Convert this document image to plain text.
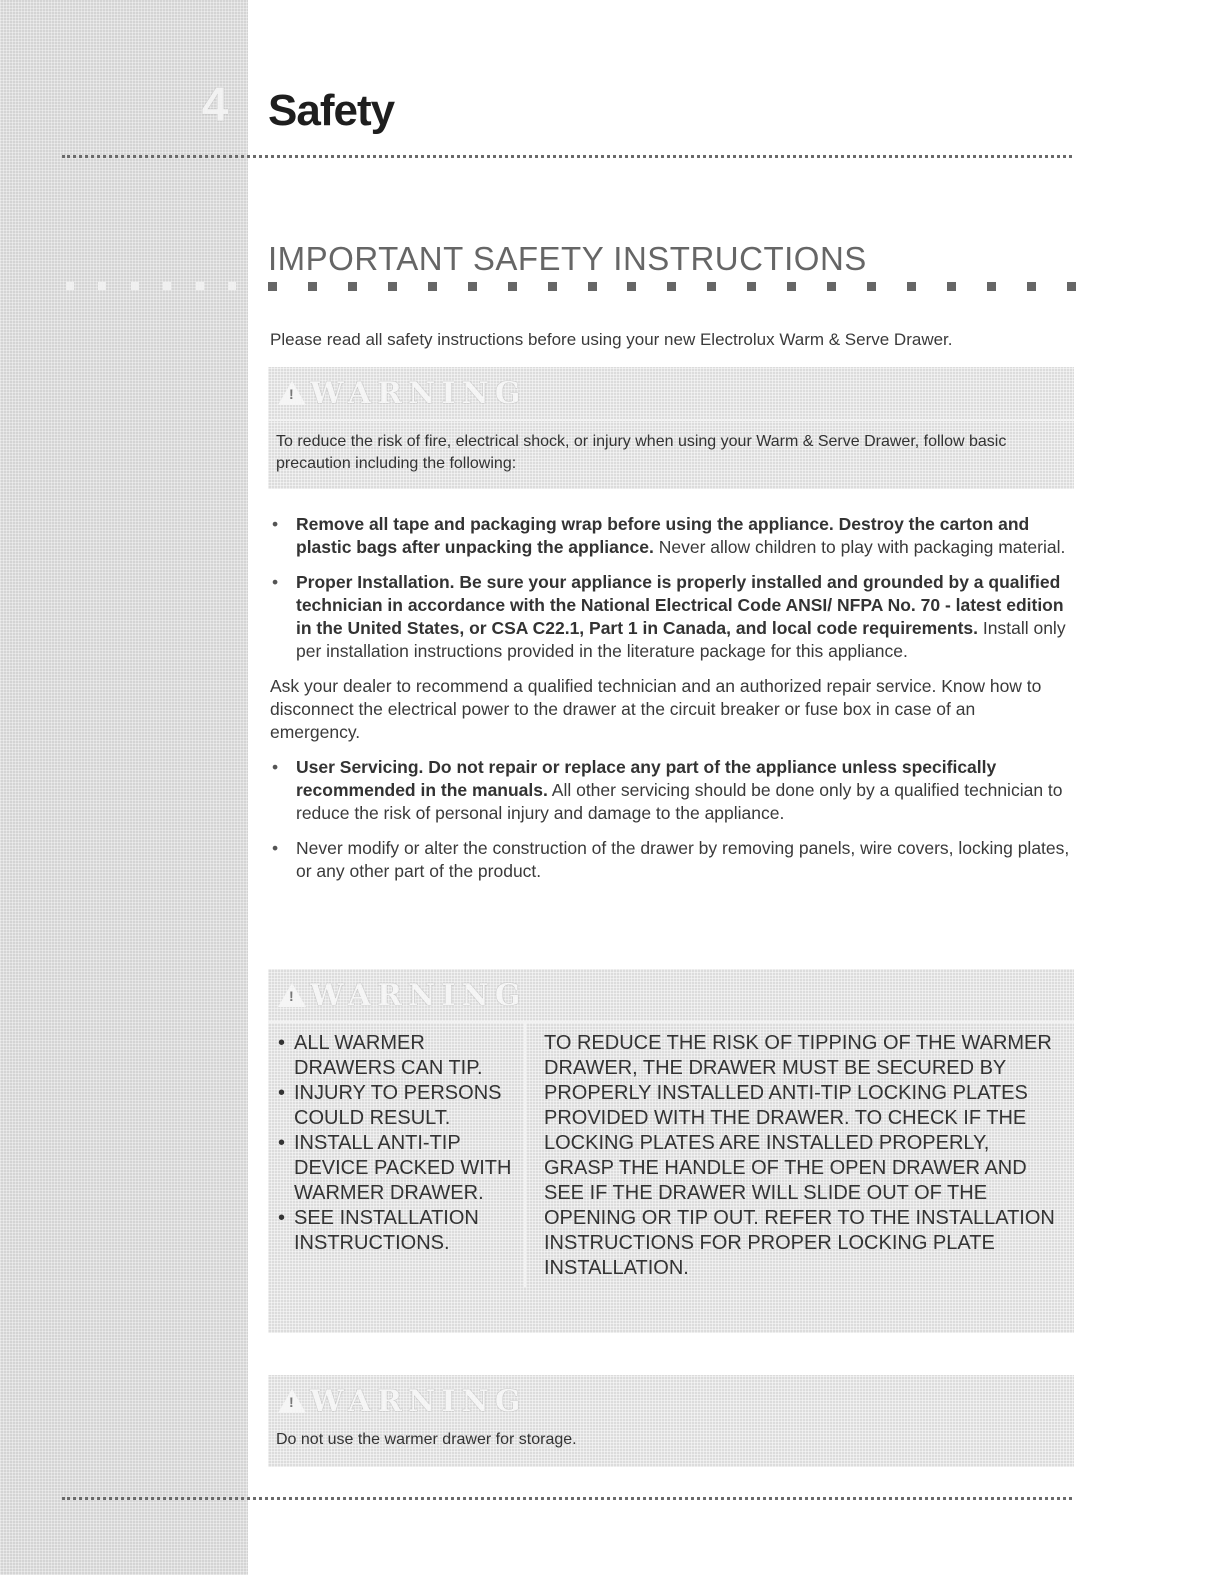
4 Safety
IMPORTANT SAFETY INSTRUCTIONS
Please read all safety instructions before using your new Electrolux Warm & Serve Drawer.
!
WARNING
To reduce the risk of fire, electrical shock, or injury when using your Warm & Serve Drawer, follow basic precaution including the following:
• Remove all tape and packaging wrap before using the appliance. Destroy the carton and plastic bags after unpacking the appliance. Never allow children to play with packaging material.
• Proper Installation. Be sure your appliance is properly installed and grounded by a qualified technician in accordance with the National Electrical Code ANSI/ NFPA No. 70 - latest edition in the United States, or CSA C22.1, Part 1 in Canada, and local code requirements. Install only per installation instructions provided in the literature package for this appliance.

Ask your dealer to recommend a qualified technician and an authorized repair service. Know how to disconnect the electrical power to the drawer at the circuit breaker or fuse box in case of an emergency.

• User Servicing. Do not repair or replace any part of the appliance unless specifically recommended in the manuals. All other servicing should be done only by a qualified technician to reduce the risk of personal injury and damage to the appliance.
• Never modify or alter the construction of the drawer by removing panels, wire covers, locking plates, or any other part of the product.
!
WARNING
• ALL WARMER DRAWERS CAN TIP.
• INJURY TO PERSONS COULD RESULT.
• INSTALL ANTI-TIP DEVICE PACKED WITH WARMER DRAWER.
• SEE INSTALLATION INSTRUCTIONS.
TO REDUCE THE RISK OF TIPPING OF THE WARMER DRAWER, THE DRAWER MUST BE SECURED BY PROPERLY INSTALLED ANTI-TIP LOCKING PLATES PROVIDED WITH THE DRAWER. TO CHECK IF THE LOCKING PLATES ARE INSTALLED PROPERLY, GRASP THE HANDLE OF THE OPEN DRAWER AND SEE IF THE DRAWER WILL SLIDE OUT OF THE OPENING OR TIP OUT. REFER TO THE INSTALLATION INSTRUCTIONS FOR PROPER LOCKING PLATE INSTALLATION.
!
WARNING
Do not use the warmer drawer for storage.
